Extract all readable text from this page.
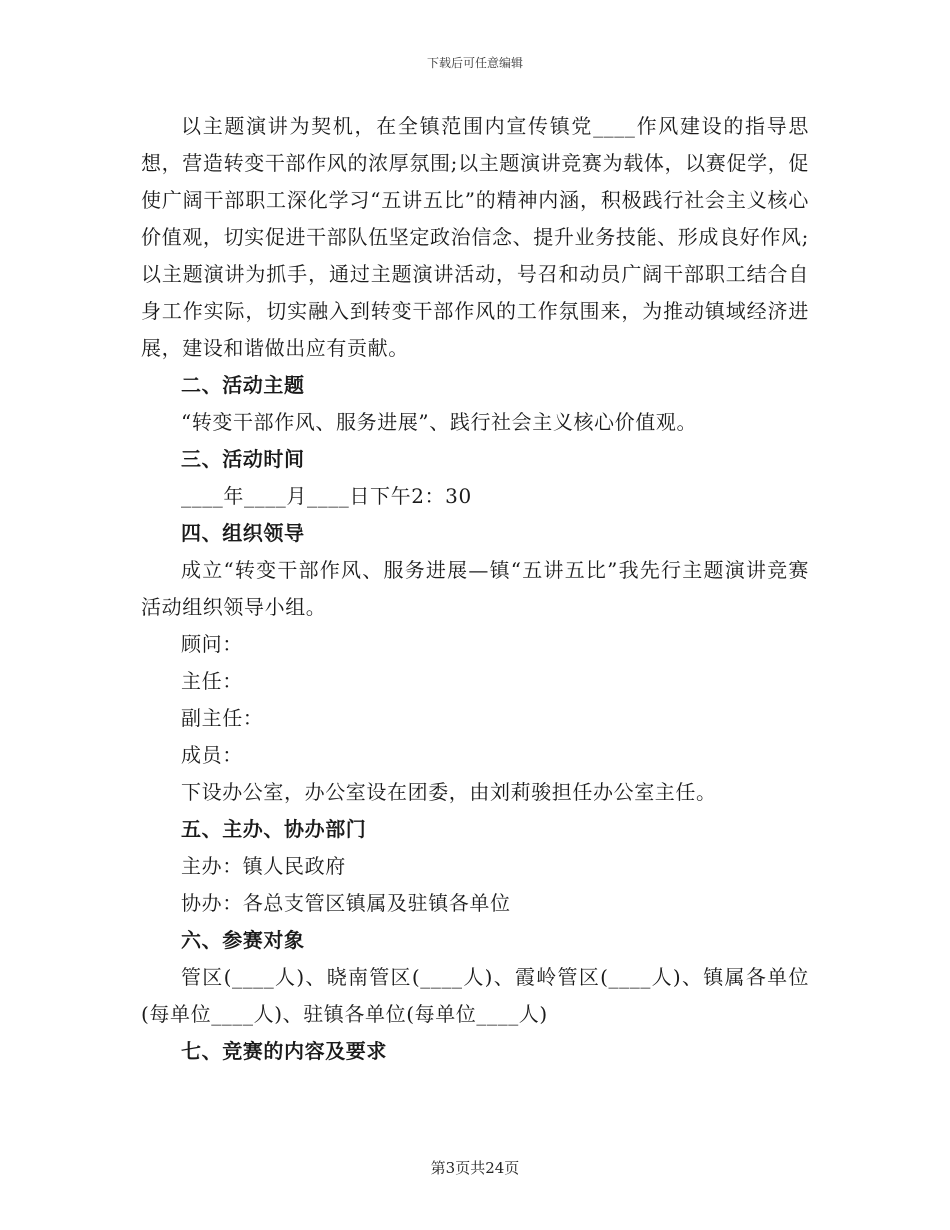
下载后可任意编辑

以主题演讲为契机，在全镇范围内宣传镇党____作风建设的指导思想，营造转变干部作风的浓厚氛围;以主题演讲竞赛为载体，以赛促学，促使广阔干部职工深化学习“五讲五比”的精神内涵，积极践行社会主义核心价值观，切实促进干部队伍坚定政治信念、提升业务技能、形成良好作风;以主题演讲为抓手，通过主题演讲活动，号召和动员广阔干部职工结合自身工作实际，切实融入到转变干部作风的工作氛围来，为推动镇域经济进展，建设和谐做出应有贡献。

二、活动主题

“转变干部作风、服务进展”、践行社会主义核心价值观。

三、活动时间

____年____月____日下午2：30

四、组织领导

成立“转变干部作风、服务进展—镇“五讲五比”我先行主题演讲竞赛活动组织领导小组。

顾问：

主任：

副主任：

成员：

下设办公室，办公室设在团委，由刘莉骏担任办公室主任。

五、主办、协办部门

主办：镇人民政府

协办：各总支管区镇属及驻镇各单位

六、参赛对象

管区(____人)、晓南管区(____人)、霞岭管区(____人)、镇属各单位(每单位____人)、驻镇各单位(每单位____人)

七、竞赛的内容及要求

第3页共24页
